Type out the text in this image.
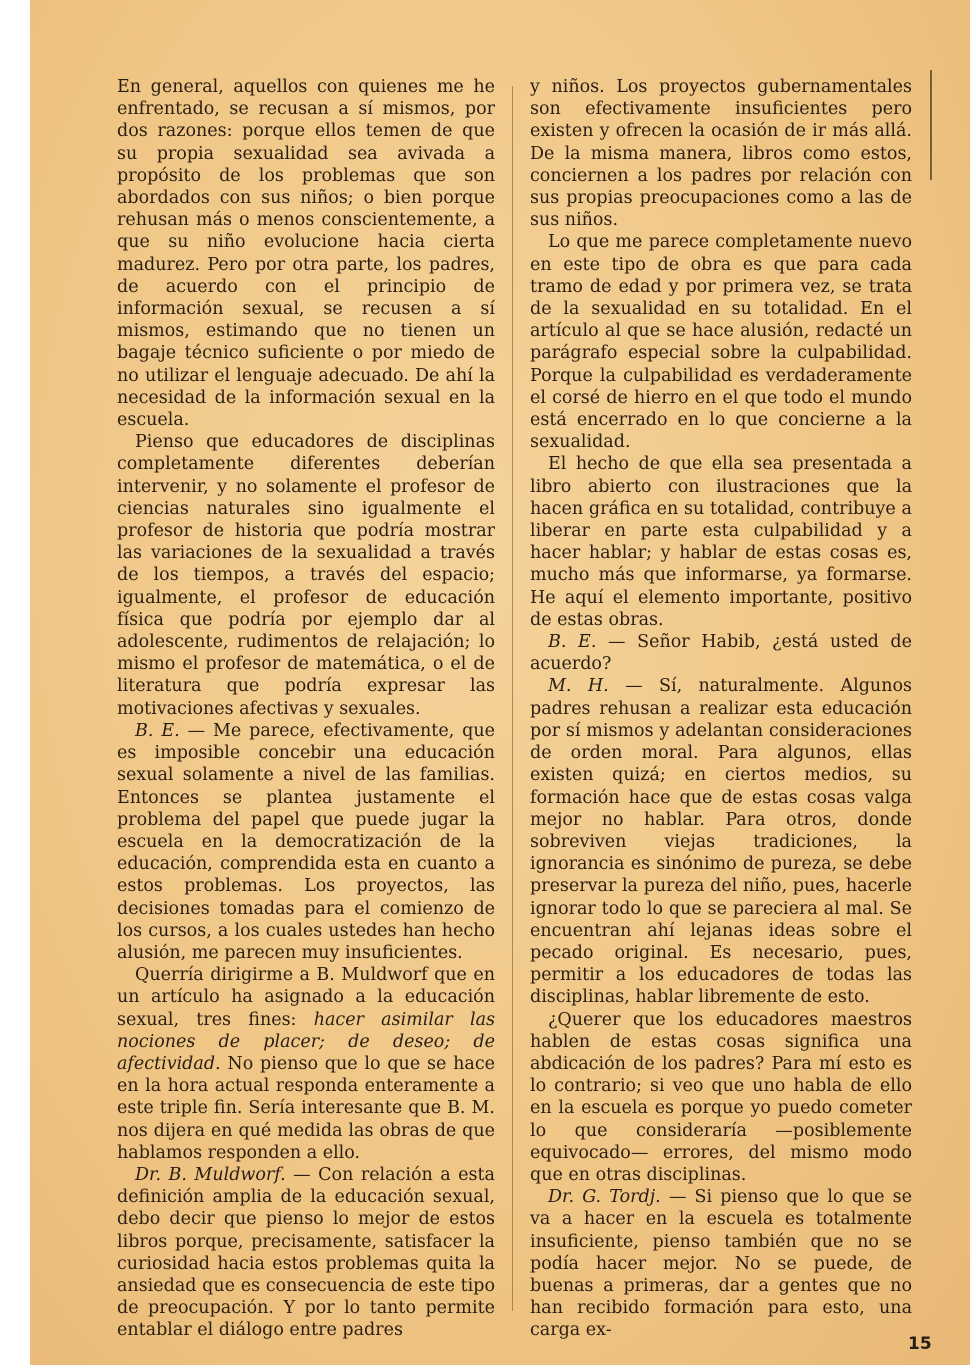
En general, aquellos con quienes me he enfrentado, se recusan a sí mismos, por dos razones: porque ellos temen de que su propia sexualidad sea avivada a propósito de los problemas que son abordados con sus niños; o bien porque rehusan más o menos conscientemente, a que su niño evolucione hacia cierta madurez. Pero por otra parte, los padres, de acuerdo con el principio de información sexual, se recusen a sí mismos, estimando que no tienen un bagaje técnico suficiente o por miedo de no utilizar el lenguaje adecuado. De ahí la necesidad de la información sexual en la escuela.

Pienso que educadores de disciplinas completamente diferentes deberían intervenir, y no solamente el profesor de ciencias naturales sino igualmente el profesor de historia que podría mostrar las variaciones de la sexualidad a través de los tiempos, a través del espacio; igualmente, el profesor de educación física que podría por ejemplo dar al adolescente, rudimentos de relajación; lo mismo el profesor de matemática, o el de literatura que podría expresar las motivaciones afectivas y sexuales.

B. E. — Me parece, efectivamente, que es imposible concebir una educación sexual solamente a nivel de las familias. Entonces se plantea justamente el problema del papel que puede jugar la escuela en la democratización de la educación, comprendida esta en cuanto a estos problemas. Los proyectos, las decisiones tomadas para el comienzo de los cursos, a los cuales ustedes han hecho alusión, me parecen muy insuficientes.

Querría dirigirme a B. Muldworf que en un artículo ha asignado a la educación sexual, tres fines: hacer asimilar las nociones de placer; de deseo; de afectividad. No pienso que lo que se hace en la hora actual responda enteramente a este triple fin. Sería interesante que B. M. nos dijera en qué medida las obras de que hablamos responden a ello.

Dr. B. Muldworf. — Con relación a esta definición amplia de la educación sexual, debo decir que pienso lo mejor de estos libros porque, precisamente, satisfacer la curiosidad hacia estos problemas quita la ansiedad que es consecuencia de este tipo de preocupación. Y por lo tanto permite entablar el diálogo entre padres

y niños. Los proyectos gubernamentales son efectivamente insuficientes pero existen y ofrecen la ocasión de ir más allá. De la misma manera, libros como estos, conciernen a los padres por relación con sus propias preocupaciones como a las de sus niños.

Lo que me parece completamente nuevo en este tipo de obra es que para cada tramo de edad y por primera vez, se trata de la sexualidad en su totalidad. En el artículo al que se hace alusión, redacté un parágrafo especial sobre la culpabilidad. Porque la culpabilidad es verdaderamente el corsé de hierro en el que todo el mundo está encerrado en lo que concierne a la sexualidad.

El hecho de que ella sea presentada a libro abierto con ilustraciones que la hacen gráfica en su totalidad, contribuye a liberar en parte esta culpabilidad y a hacer hablar; y hablar de estas cosas es, mucho más que informarse, ya formarse. He aquí el elemento importante, positivo de estas obras.

B. E. — Señor Habib, ¿está usted de acuerdo?

M. H. — Sí, naturalmente. Algunos padres rehusan a realizar esta educación por sí mismos y adelantan consideraciones de orden moral. Para algunos, ellas existen quizá; en ciertos medios, su formación hace que de estas cosas valga mejor no hablar. Para otros, donde sobreviven viejas tradiciones, la ignorancia es sinónimo de pureza, se debe preservar la pureza del niño, pues, hacerle ignorar todo lo que se pareciera al mal. Se encuentran ahí lejanas ideas sobre el pecado original. Es necesario, pues, permitir a los educadores de todas las disciplinas, hablar libremente de esto.

¿Querer que los educadores maestros hablen de estas cosas significa una abdicación de los padres? Para mí esto es lo contrario; si veo que uno habla de ello en la escuela es porque yo puedo cometer lo que consideraría —posiblemente equivocado— errores, del mismo modo que en otras disciplinas.

Dr. G. Tordj. — Si pienso que lo que se va a hacer en la escuela es totalmente insuficiente, pienso también que no se podía hacer mejor. No se puede, de buenas a primeras, dar a gentes que no han recibido formación para esto, una carga ex-

15
